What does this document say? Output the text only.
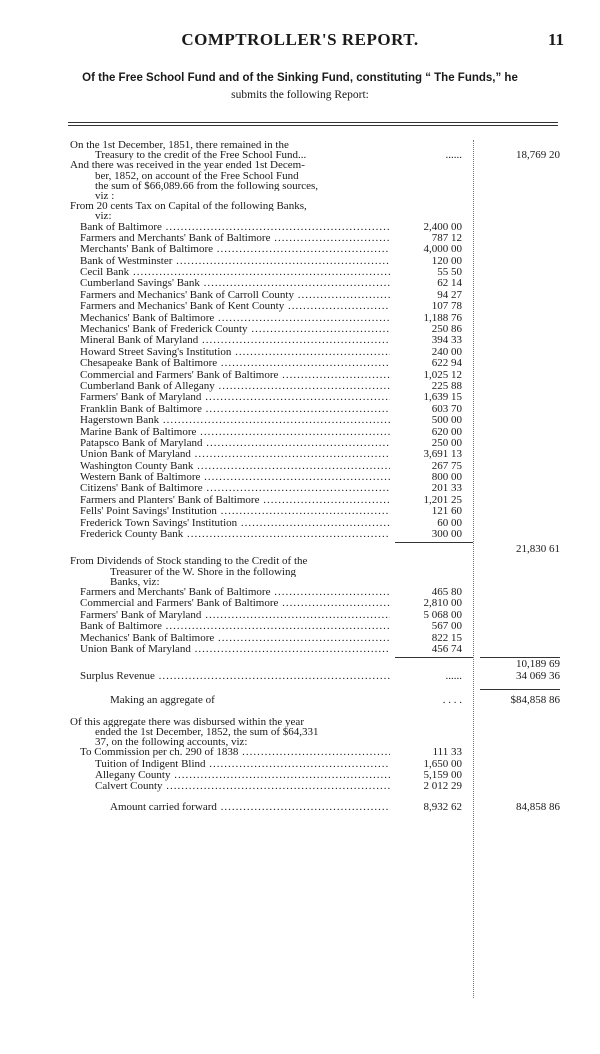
COMPTROLLER'S REPORT.	11
Of the Free School Fund and of the Sinking Fund, constituting “ The Funds,” he
submits the following Report:
On the 1st December, 1851, there remained in the
Treasury to the credit of the Free School Fund...	......	18,769 20
And there was received in the year ended 1st Decem-
ber, 1852, on account of the Free School Fund
the sum of $66,089.66 from the following sources,
viz :
From 20 cents Tax on Capital of the following Banks,
viz:
Bank of Baltimore .....	2,400 00
Farmers and Merchants' Bank of Baltimore .....	787 12
Merchants' Bank of Baltimore .....	4,000 00
Bank of Westminster .....	120 00
Cecil Bank .....	55 50
Cumberland Savings' Bank .....	62 14
Farmers and Mechanics' Bank of Carroll County .....	94 27
Farmers and Mechanics' Bank of Kent County .....	107 78
Mechanics' Bank of Baltimore .....	1,188 76
Mechanics' Bank of Frederick County .....	250 86
Mineral Bank of Maryland .....	394 33
Howard Street Saving's Institution .....	240 00
Chesapeake Bank of Baltimore .....	622 94
Commercial and Farmers' Bank of Baltimore .....	1,025 12
Cumberland Bank of Allegany .....	225 88
Farmers' Bank of Maryland .....	1,639 15
Franklin Bank of Baltimore .....	603 70
Hagerstown Bank .....	500 00
Marine Bank of Baltimore .....	620 00
Patapsco Bank of Maryland .....	250 00
Union Bank of Maryland .....	3,691 13
Washington County Bank .....	267 75
Western Bank of Baltimore .....	800 00
Citizens' Bank of Baltimore .....	201 33
Farmers and Planters' Bank of Baltimore .....	1,201 25
Fells' Point Savings' Institution .....	121 60
Frederick Town Savings' Institution .....	60 00
Frederick County Bank .....	300 00
21,830 61
From Dividends of Stock standing to the Credit of the
Treasurer of the W. Shore in the following
Banks, viz:
Farmers and Merchants' Bank of Baltimore .....	465 80
Commercial and Farmers' Bank of Baltimore .....	2,810 00
Farmers' Bank of Maryland .....	5 068 00
Bank of Baltimore .....	567 00
Mechanics' Bank of Baltimore .....	822 15
Union Bank of Maryland .....	456 74
10,189 69
Surplus Revenue .....	......	34 069 36
Making an aggregate of	. . . .	$84,858 86
Of this aggregate there was disbursed within the year
ended the 1st December, 1852, the sum of $64,331
37, on the following accounts, viz:
To Commission per ch. 290 of 1838 .....	111 33
Tuition of Indigent Blind .....	1,650 00
Allegany County .....	5,159 00
Calvert County .....	2 012 29
Amount carried forward .....	8,932 62	84,858 86
